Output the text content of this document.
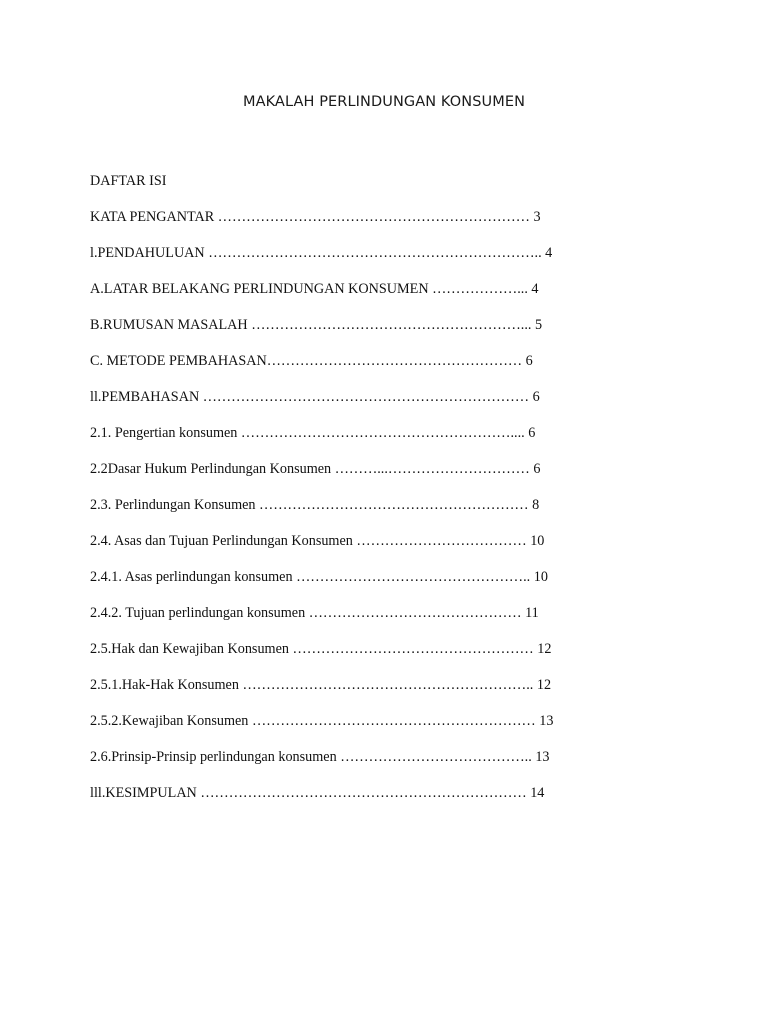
MAKALAH PERLINDUNGAN KONSUMEN
DAFTAR ISI
KATA PENGANTAR ………………………………………………………… 3
l.PENDAHULUAN …………………………………………………………….. 4
A.LATAR BELAKANG PERLINDUNGAN KONSUMEN ………………... 4
B.RUMUSAN MASALAH …………………………………………………... 5
C. METODE PEMBAHASAN……………………………………………… 6
ll.PEMBAHASAN …………………………………………………………… 6
2.1. Pengertian konsumen ………………………………………………….... 6
2.2Dasar Hukum Perlindungan Konsumen ………...………………………… 6
2.3. Perlindungan Konsumen ………………………………………………… 8
2.4. Asas dan Tujuan Perlindungan Konsumen ……………………………… 10
2.4.1. Asas perlindungan konsumen ………………………………………….. 10
2.4.2. Tujuan perlindungan konsumen ……………………………………… 11
2.5.Hak dan Kewajiban Konsumen …………………………………………… 12
2.5.1.Hak-Hak Konsumen …………………………………………………….. 12
2.5.2.Kewajiban Konsumen …………………………………………………… 13
2.6.Prinsip-Prinsip perlindungan konsumen ………………………………….. 13
lll.KESIMPULAN …………………………………………………………… 14
